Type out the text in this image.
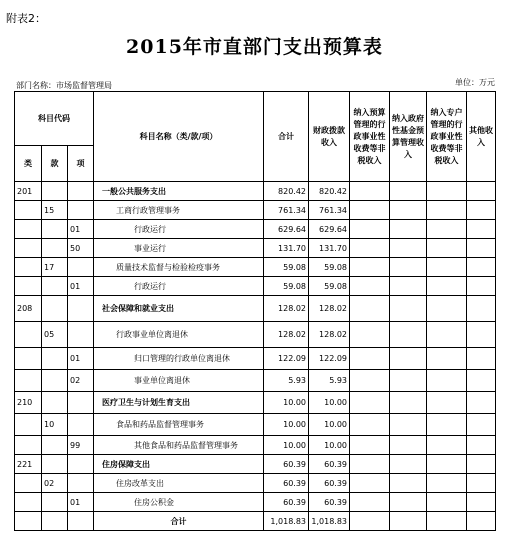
附表2：
2015年市直部门支出预算表
部门名称：市场监督管理局	单位：万元
科目代码			科目名称（类/款/项）	合计	财政拨款收入	纳入预算管理的行政事业性收费等非税收入	纳入政府性基金预算管理收入	纳入专户管理的行政事业性收费等非税收入	其他收入
类	款	项							
201			一般公共服务支出	820.42	820.42				
	15		工商行政管理事务	761.34	761.34				
		01	行政运行	629.64	629.64				
		50	事业运行	131.70	131.70				
	17		质量技术监督与检验检疫事务	59.08	59.08				
		01	行政运行	59.08	59.08				
208			社会保障和就业支出	128.02	128.02				
	05		行政事业单位离退休	128.02	128.02				
		01	归口管理的行政单位离退休	122.09	122.09				
		02	事业单位离退休	5.93	5.93				
210			医疗卫生与计划生育支出	10.00	10.00				
	10		食品和药品监督管理事务	10.00	10.00				
		99	其他食品和药品监督管理事务	10.00	10.00				
221			住房保障支出	60.39	60.39				
	02		住房改革支出	60.39	60.39				
		01	住房公积金	60.39	60.39				
			合计	1,018.83	1,018.83				
